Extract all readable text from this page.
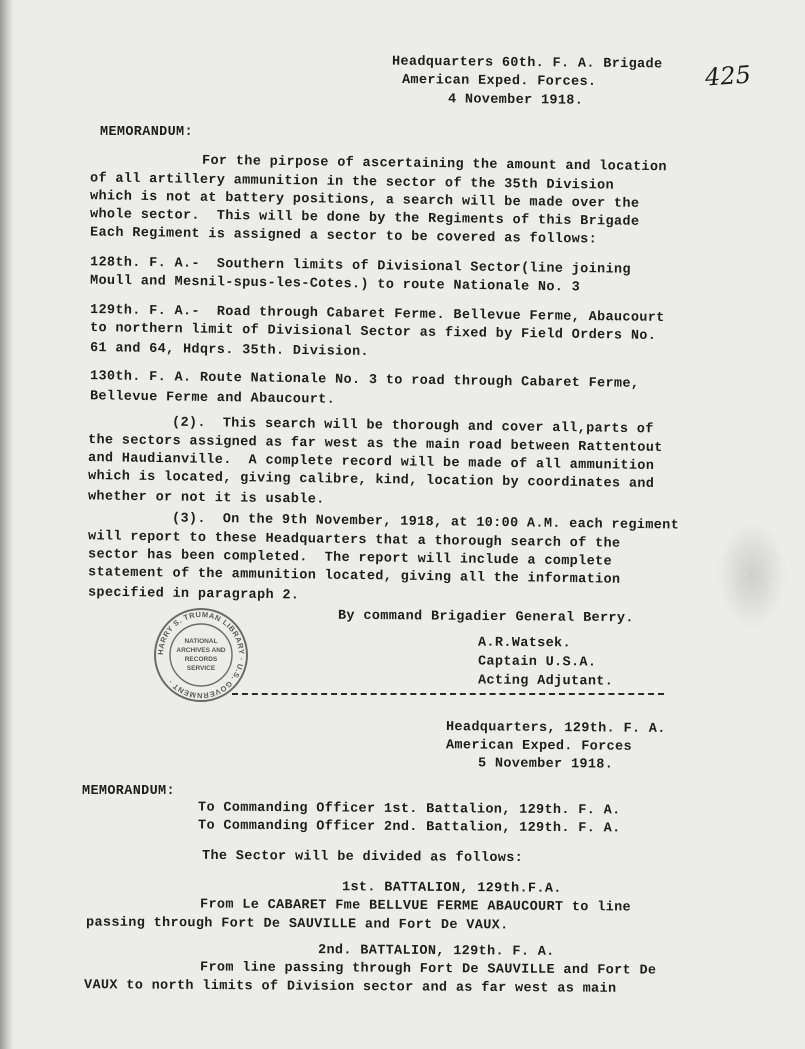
425
Headquarters 60th. F. A. Brigade
American Exped. Forces.
4 November 1918.
MEMORANDUM:
For the pirpose of ascertaining the amount and location
of all artillery ammunition in the sector of the 35th Division
which is not at battery positions, a search will be made over the
whole sector.  This will be done by the Regiments of this Brigade
Each Regiment is assigned a sector to be covered as follows:
128th. F. A.-  Southern limits of Divisional Sector(line joining
Moull and Mesnil-spus-les-Cotes.) to route Nationale No. 3
129th. F. A.-  Road through Cabaret Ferme. Bellevue Ferme, Abaucourt
to northern limit of Divisional Sector as fixed by Field Orders No.
61 and 64, Hdqrs. 35th. Division.
130th. F. A. Route Nationale No. 3 to road through Cabaret Ferme,
Bellevue Ferme and Abaucourt.
(2).  This search will be thorough and cover all,parts of
the sectors assigned as far west as the main road between Rattentout
and Haudianville.  A complete record will be made of all ammunition
which is located, giving calibre, kind, location by coordinates and
whether or not it is usable.
(3).  On the 9th November, 1918, at 10:00 A.M. each regiment
will report to these Headquarters that a thorough search of the
sector has been completed.  The report will include a complete
statement of the ammunition located, giving all the information
specified in paragraph 2.
By command Brigadier General Berry.
HARRY S. TRUMAN LIBRARY · U.S. GOVERNMENT ·
NATIONAL
ARCHIVES AND
RECORDS
SERVICE
A.R.Watsek.
Captain U.S.A.
Acting Adjutant.
Headquarters, 129th. F. A.
American Exped. Forces
5 November 1918.
MEMORANDUM:
To Commanding Officer 1st. Battalion, 129th. F. A.
To Commanding Officer 2nd. Battalion, 129th. F. A.
The Sector will be divided as follows:
1st. BATTALION, 129th.F.A.
From Le CABARET Fme BELLVUE FERME ABAUCOURT to line
passing through Fort De SAUVILLE and Fort De VAUX.
2nd. BATTALION, 129th. F. A.
From line passing through Fort De SAUVILLE and Fort De
VAUX to north limits of Division sector and as far west as main
